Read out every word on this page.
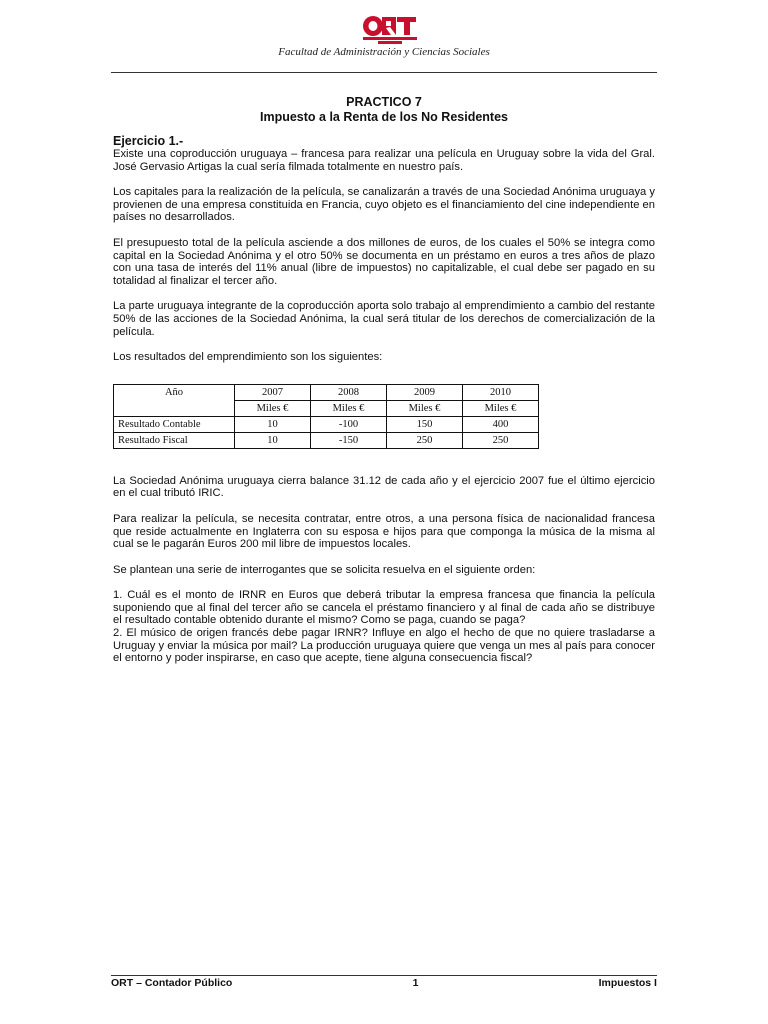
Facultad de Administración y Ciencias Sociales
PRACTICO 7
Impuesto a la Renta de los No Residentes
Ejercicio 1.-

Existe una coproducción uruguaya – francesa para realizar una película en Uruguay sobre la vida del Gral. José Gervasio Artigas la cual sería filmada totalmente en nuestro país.

Los capitales para la realización de la película, se canalizarán a través de una Sociedad Anónima uruguaya y provienen de una empresa constituida en Francia, cuyo objeto es el financiamiento del cine independiente en países no desarrollados.

El presupuesto total de la película asciende a dos millones de euros, de los cuales el 50% se integra como capital en la Sociedad Anónima y el otro 50% se documenta en un préstamo en euros a tres años de plazo con una tasa de interés del 11% anual (libre de impuestos) no capitalizable, el cual debe ser pagado en su totalidad al finalizar el tercer año.

La parte uruguaya integrante de la coproducción aporta solo trabajo al emprendimiento a cambio del restante 50% de las acciones de la Sociedad Anónima, la cual será titular de los derechos de comercialización de la película.

Los resultados del emprendimiento son los siguientes:

Año	2007	2008	2009	2010
	Miles €	Miles €	Miles €	Miles €
Resultado Contable	10	-100	150	400
Resultado Fiscal	10	-150	250	250

La Sociedad Anónima uruguaya cierra balance 31.12 de cada año y el ejercicio 2007 fue el último ejercicio en el cual tributó IRIC.

Para realizar la película, se necesita contratar, entre otros, a una persona física de nacionalidad francesa que reside actualmente en Inglaterra con su esposa e hijos para que componga la música de la misma al cual se le pagarán Euros 200 mil libre de impuestos locales.

Se plantean una serie de interrogantes que se solicita resuelva en el siguiente orden:

1. Cuál es el monto de IRNR en Euros que deberá tributar la empresa francesa que financia la película suponiendo que al final del tercer año se cancela el préstamo financiero y al final de cada año se distribuye el resultado contable obtenido durante el mismo? Como se paga, cuando se paga?

2. El músico de origen francés debe pagar IRNR? Influye en algo el hecho de que no quiere trasladarse a Uruguay y enviar la música por mail? La producción uruguaya quiere que venga un mes al país para conocer el entorno y poder inspirarse, en caso que acepte, tiene alguna consecuencia fiscal?

ORT – Contador Público	1	Impuestos I
